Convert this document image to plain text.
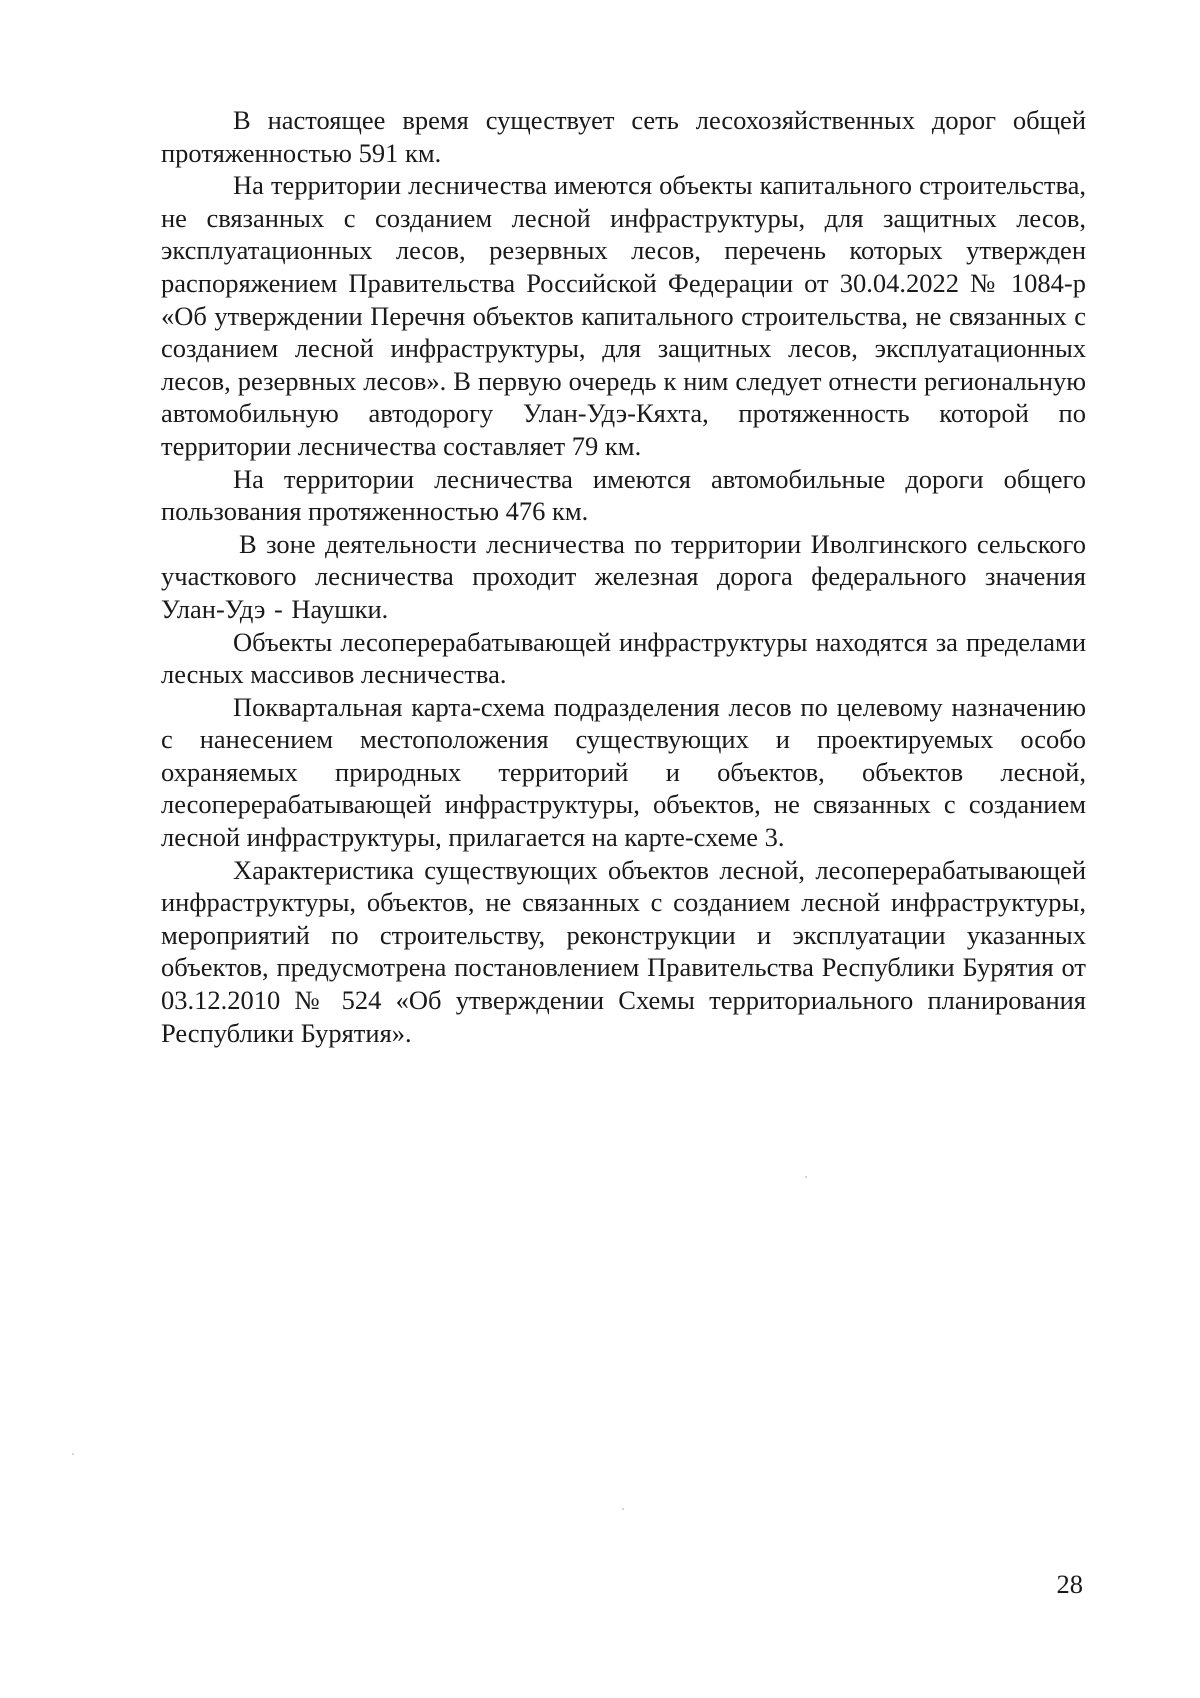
В настоящее время существует сеть лесохозяйственных дорог общей протяженностью 591 км.

На территории лесничества имеются объекты капитального строительства, не связанных с созданием лесной инфраструктуры, для защитных лесов, эксплуатационных лесов, резервных лесов, перечень которых утвержден распоряжением Правительства Российской Федерации от 30.04.2022 № 1084-р «Об утверждении Перечня объектов капитального строительства, не связанных с созданием лесной инфраструктуры, для защитных лесов, эксплуатационных лесов, резервных лесов». В первую очередь к ним следует отнести региональную автомобильную автодорогу Улан-Удэ-Кяхта, протяженность которой по территории лесничества составляет 79 км.

На территории лесничества имеются автомобильные дороги общего пользования протяженностью 476 км.

В зоне деятельности лесничества по территории Иволгинского сельского участкового лесничества проходит железная дорога федерального значения Улан-Удэ - Наушки.

Объекты лесоперерабатывающей инфраструктуры находятся за пределами лесных массивов лесничества.

Поквартальная карта-схема подразделения лесов по целевому назначению с нанесением местоположения существующих и проектируемых особо охраняемых природных территорий и объектов, объектов лесной, лесоперерабатывающей инфраструктуры, объектов, не связанных с созданием лесной инфраструктуры, прилагается на карте-схеме 3.

Характеристика существующих объектов лесной, лесоперерабатывающей инфраструктуры, объектов, не связанных с созданием лесной инфраструктуры, мероприятий по строительству, реконструкции и эксплуатации указанных объектов, предусмотрена постановлением Правительства Республики Бурятия от 03.12.2010 № 524 «Об утверждении Схемы территориального планирования Республики Бурятия».

28
